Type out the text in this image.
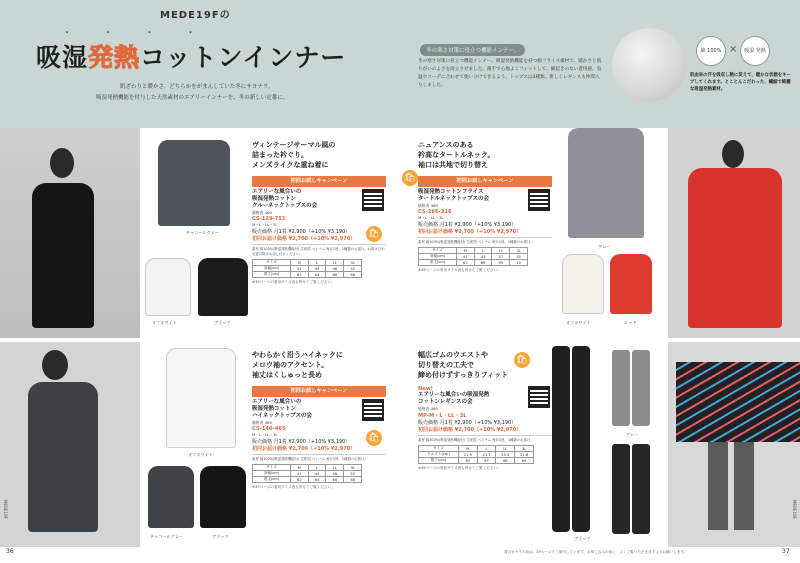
MEDE19Fの
・ ・ ・ ・
吸湿発熱コットンインナー
肌ざわりと暖かさ。どちらかをがまんしていた冬にサヨナラ。
吸湿発熱機能を付与した天然素材のエアリーインナーを、冬の新しい定番に。
冬の寒さ対策に役立つ機能インナー。
冬の寒さ対策に役立つ機能インナー。吸湿発熱機能を持つ綿フライス素材で、暖かさと肌ちがいのよさを両立させました。薄手で心地よくフィットして、綿起きのない着用感。気温やコーデに合わせて使い分けできるよう、トップスは3種類。新しくレギンスも仲間入りしました。
綿 100% ×	吸湿 発熱
肌由来の汗を吸収し熱に変えて、暖かな状態をキープしてくれます。とことんこだわった、繊細で綺麗な吸湿発熱素材。
チャコールグレー
オフホワイト	ブラック
ヴィンテージサーマル風の
詰まった衿ぐり。
メンズライクな重ね着に
初回お試しキャンペーン
エアリーな風合いの
吸湿発熱コットン
クルーネックトップスの会
価格表 469
CS-129-751
M・L・LL・3L
販売価格 月1着 ¥2,900（+10% ¥3,190）
初回お届け価格 ¥2,700（+10% ¥2,970）
素材 綿100%(吸湿発熱機能付) 生産国 ベトナム 毎月1回、1種類のお届け。お届け日や変更の際はお申し付けください。
サイズ	M	L	LL	3L
身幅(cm)	41	44	48	52
着丈(cm)	62	64	66	68
※39ページの着用サイズ表も併せてご覧ください。
🛍
ニュアンスのある
衿高なタートルネック。
袖口は共地で切り替え
初回お試しキャンペーン
吸湿発熱コットンフライス
タートルネックトップスの会
価格表 469
CS-266-316
M・L・LL・3L
販売価格 月1着 ¥2,900（+10% ¥3,190）
初回お届け価格 ¥2,700（+10% ¥2,970）
素材 綿100%(吸湿発熱機能付) 生産国 ベトナム 毎月1回、1種類のお届け。
サイズ	M	L	LL	3L
身幅(cm)	41	43	47	50
着丈(cm)	63	66	69	70
※39ページの着用サイズ表も併せてご覧ください。
🛍
グレー
オフホワイト	レッド
オフホワイト
チャコールグレー	ブラック
やわらかく沿うハイネックに
メロウ袖のアクセント。
袖丈はくしゅっと長め
初回お試しキャンペーン
エアリーな風合いの
吸湿発熱コットン
ハイネックトップスの会
価格表 469
CS-140-465
M・L・LL・3L
販売価格 月1着 ¥2,900（+10% ¥3,190）
初回お届け価格 ¥2,700（+10% ¥2,970）
素材 綿100%(吸湿発熱機能付) 生産国 ベトナム 毎月1回、1種類のお届け。
サイズ	M	L	LL	3L
身幅(cm)	41	44	48	52
着丈(cm)	62	64	66	68
※39ページの着用サイズ表も併せてご覧ください。
🛍
幅広ゴムのウエストや
切り替えの工夫で
締め付けずすっきりフィット
New!
エアリーな風合いの吸湿発熱
コットンレギンスの会
価格表 469
MP-M・L・LL・3L
販売価格 月1着 ¥2,900（+10% ¥3,190）
初回お届け価格 ¥2,700（+10% ¥2,970）
素材 綿100%(吸湿発熱機能付) 生産国 ベトナム 毎月1回、1種類のお届け。
サイズ	M	L	LL	3L
ウエスト(cm)	21.9	23.7	25.5	27.6
股下(cm)	65	67	68	69
※39ページの着用サイズ表も併せてご覧ください。
🛍
ブラック
グレー
36	37
着合せサイズ表は、39ページでご案内しています。お申し込みの前に、よくご覧いただきますようお願いします。
MEDE19F	MEDE19F
